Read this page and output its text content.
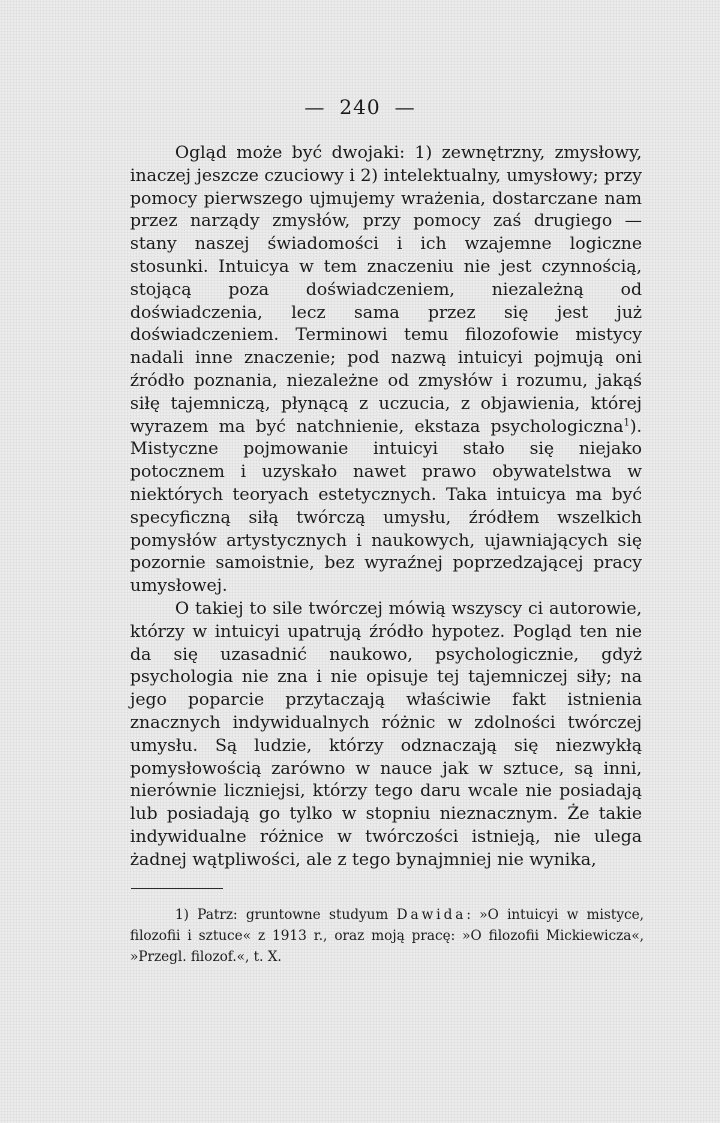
— 240 —

Ogląd może być dwojaki: 1) zewnętrzny, zmysłowy, inaczej jeszcze czuciowy i 2) intelektualny, umysłowy; przy pomocy pierwszego ujmujemy wrażenia, dostarczane nam przez narządy zmysłów, przy pomocy zaś drugiego — stany naszej świadomości i ich wzajemne logiczne stosunki. Intuicya w tem znaczeniu nie jest czynnością, stojącą poza doświadczeniem, niezależną od doświadczenia, lecz sama przez się jest już doświadczeniem. Terminowi temu filozofowie mistycy nadali inne znaczenie; pod nazwą intuicyi pojmują oni źródło poznania, niezależne od zmysłów i rozumu, jakąś siłę tajemniczą, płynącą z uczucia, z objawienia, której wyrazem ma być natchnienie, ekstaza psychologiczna$^1$). Mistyczne pojmowanie intuicyi stało się niejako potocznem i uzyskało nawet prawo obywatelstwa w niektórych teoryach estetycznych. Taka intuicya ma być specyficzną siłą twórczą umysłu, źródłem wszelkich pomysłów artystycznych i naukowych, ujawniających się pozornie samoistnie, bez wyraźnej poprzedzającej pracy umysłowej.

O takiej to sile twórczej mówią wszyscy ci autorowie, którzy w intuicyi upatrują źródło hypotez. Pogląd ten nie da się uzasadnić naukowo, psychologicznie, gdyż psychologia nie zna i nie opisuje tej tajemniczej siły; na jego poparcie przytaczają właściwie fakt istnienia znacznych indywidualnych różnic w zdolności twórczej umysłu. Są ludzie, którzy odznaczają się niezwykłą pomysłowością zarówno w nauce jak w sztuce, są inni, nierównie liczniejsi, którzy tego daru wcale nie posiadają lub posiadają go tylko w stopniu nieznacznym. Że takie indywidualne różnice w twórczości istnieją, nie ulega żadnej wątpliwości, ale z tego bynajmniej nie wynika,

1) Patrz: gruntowne studyum Dawida: »O intuicyi w mistyce, filozofii i sztuce« z 1913 r., oraz moją pracę: »O filozofii Mickiewicza«, »Przegl. filozof.«, t. X.
